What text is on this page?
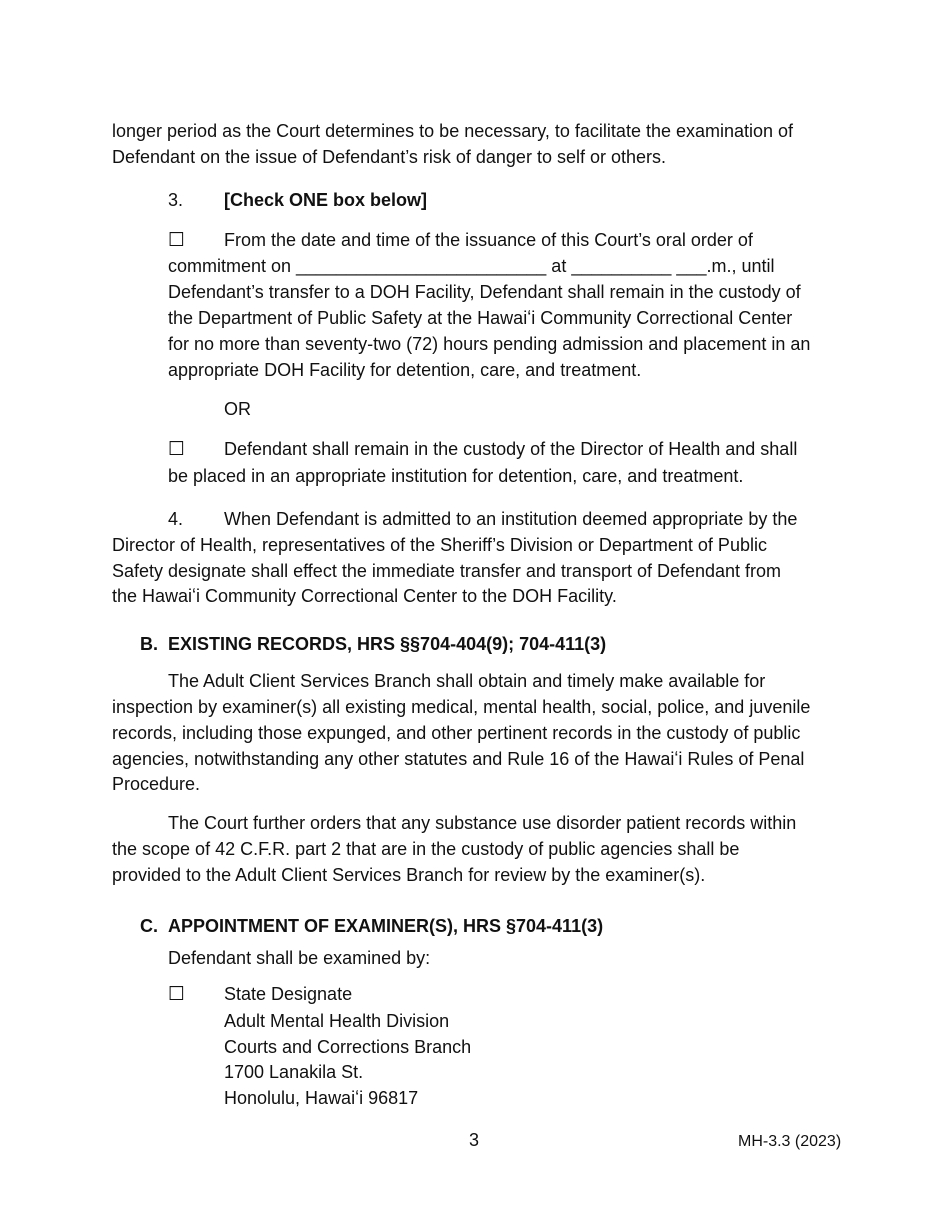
longer period as the Court determines to be necessary, to facilitate the examination of
Defendant on the issue of Defendant’s risk of danger to self or others.
3. [Check ONE box below]
☐ From the date and time of the issuance of this Court’s oral order of
commitment on _________________________ at __________ ___.m., until
Defendant’s transfer to a DOH Facility, Defendant shall remain in the custody of
the Department of Public Safety at the Hawaiʻi Community Correctional Center
for no more than seventy-two (72) hours pending admission and placement in an
appropriate DOH Facility for detention, care, and treatment.
OR
☐ Defendant shall remain in the custody of the Director of Health and shall
be placed in an appropriate institution for detention, care, and treatment.
4. When Defendant is admitted to an institution deemed appropriate by the
Director of Health, representatives of the Sheriff’s Division or Department of Public
Safety designate shall effect the immediate transfer and transport of Defendant from
the Hawaiʻi Community Correctional Center to the DOH Facility.
B. EXISTING RECORDS, HRS §§704-404(9); 704-411(3)
The Adult Client Services Branch shall obtain and timely make available for
inspection by examiner(s) all existing medical, mental health, social, police, and juvenile
records, including those expunged, and other pertinent records in the custody of public
agencies, notwithstanding any other statutes and Rule 16 of the Hawaiʻi Rules of Penal
Procedure.
The Court further orders that any substance use disorder patient records within
the scope of 42 C.F.R. part 2 that are in the custody of public agencies shall be
provided to the Adult Client Services Branch for review by the examiner(s).
C. APPOINTMENT OF EXAMINER(S), HRS §704-411(3)
Defendant shall be examined by:
☐ State Designate
Adult Mental Health Division
Courts and Corrections Branch
1700 Lanakila St.
Honolulu, Hawaiʻi 96817
3	MH-3.3 (2023)
